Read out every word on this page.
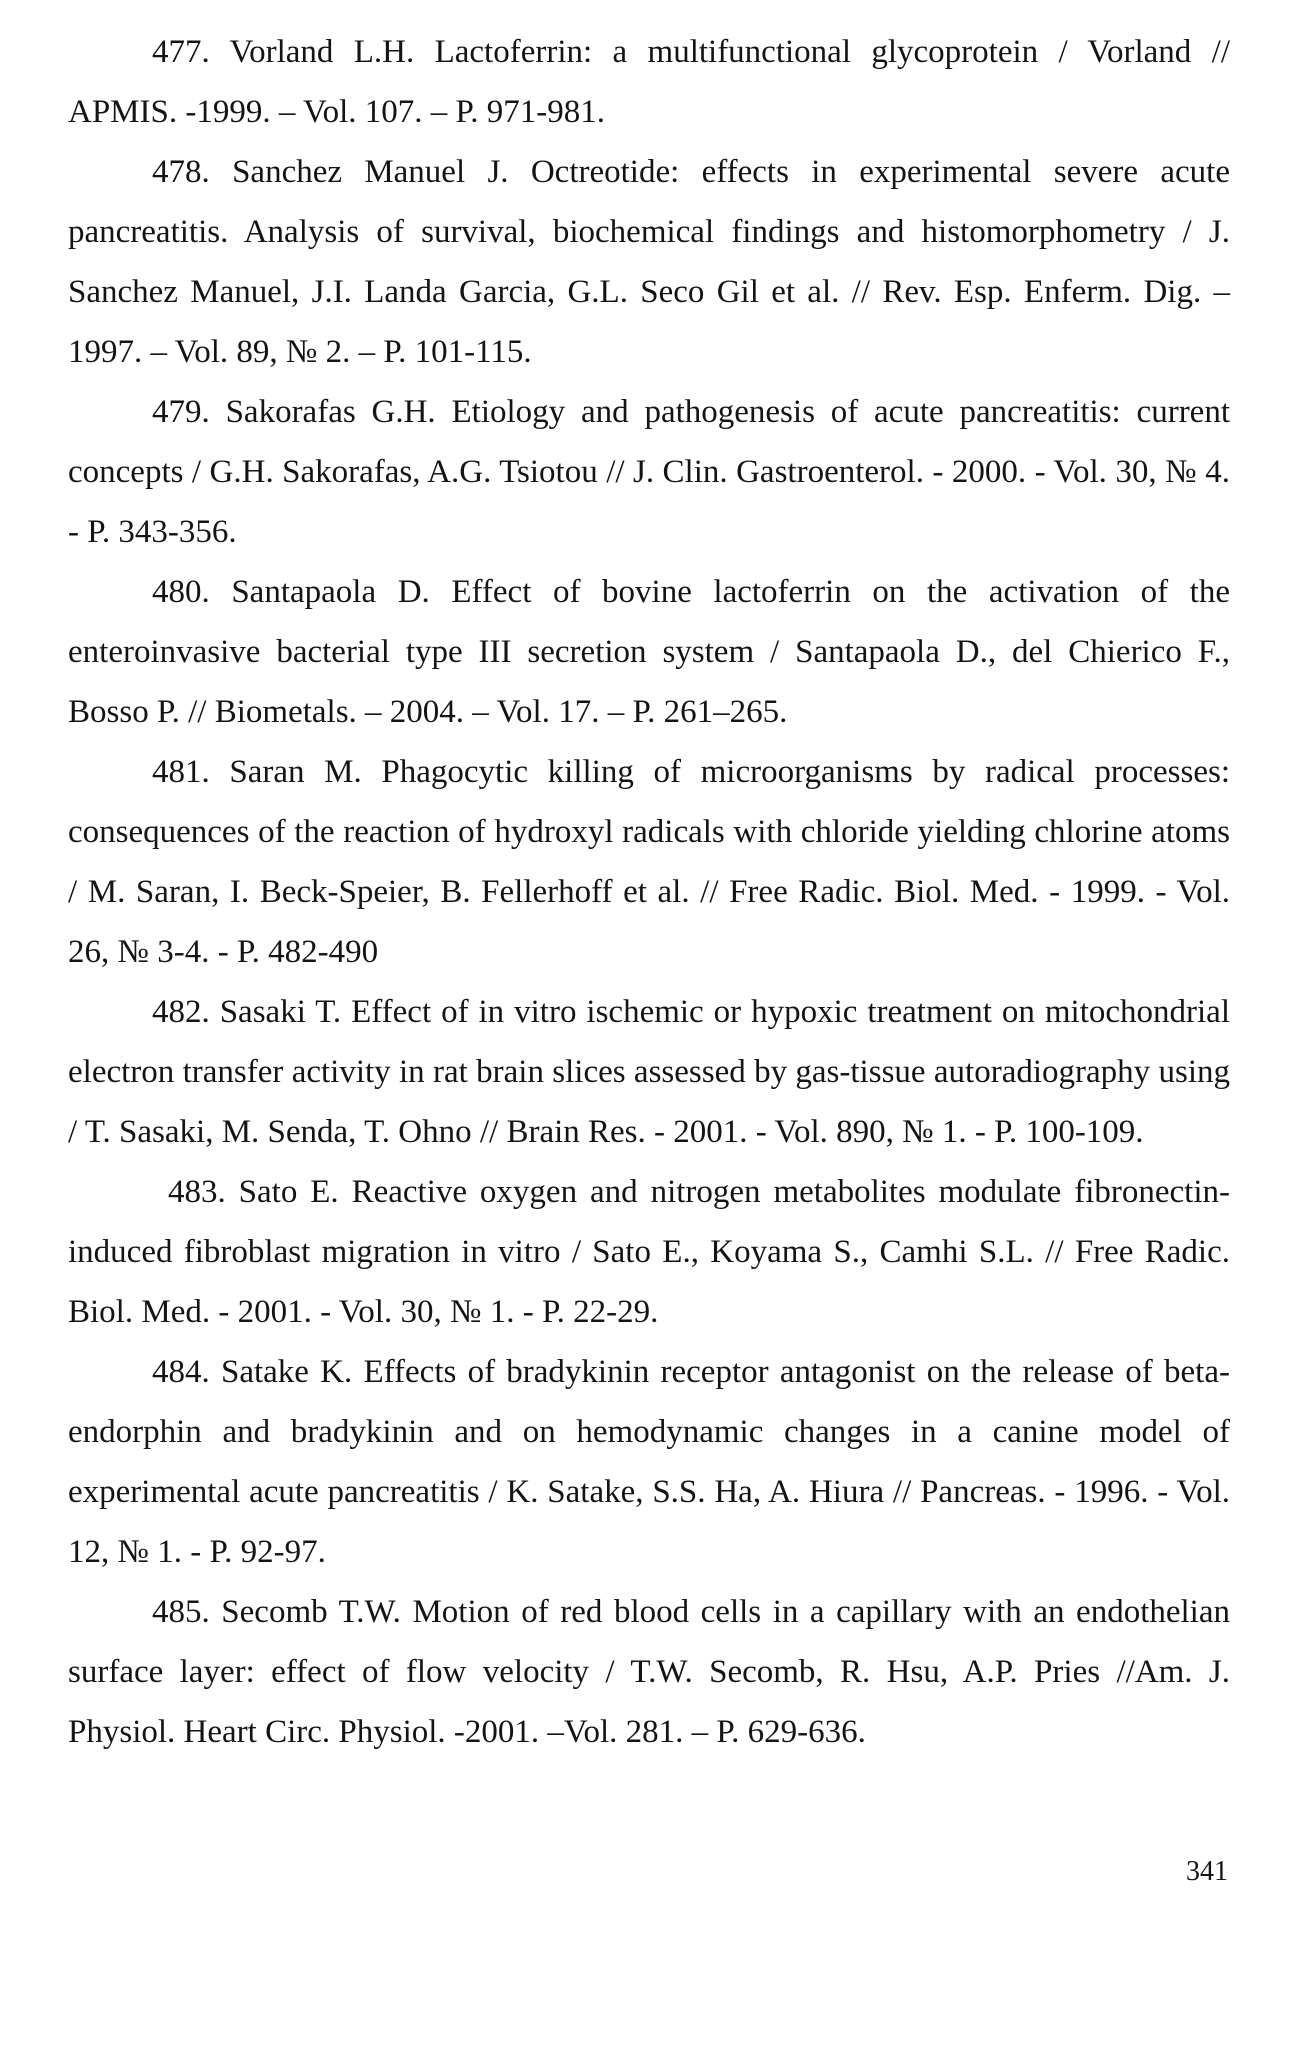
477. Vorland L.H. Lactoferrin: a multifunctional glycoprotein / Vorland // APMIS. -1999. – Vol. 107. – P. 971-981.

478. Sanchez Manuel J. Octreotide: effects in experimental severe acute pancreatitis. Analysis of survival, biochemical findings and histomorphometry / J. Sanchez Manuel, J.I. Landa Garcia, G.L. Seco Gil et al. // Rev. Esp. Enferm. Dig. – 1997. – Vol. 89, № 2. – P. 101-115.

479. Sakorafas G.H. Etiology and pathogenesis of acute pancreatitis: current concepts / G.H. Sakorafas, A.G. Tsiotou // J. Clin. Gastroenterol. - 2000. - Vol. 30, № 4. - P. 343-356.

480. Santapaola D. Effect of bovine lactoferrin on the activation of the enteroinvasive bacterial type III secretion system / Santapaola D., del Chierico F., Bosso P. // Biometals. – 2004. – Vol. 17. – P. 261–265.

481. Saran M. Phagocytic killing of microorganisms by radical processes: consequences of the reaction of hydroxyl radicals with chloride yielding chlorine atoms / M. Saran, I. Beck-Speier, B. Fellerhoff et al. // Free Radic. Biol. Med. - 1999. - Vol. 26, № 3-4. - P. 482-490

482. Sasaki T. Effect of in vitro ischemic or hypoxic treatment on mitochondrial electron transfer activity in rat brain slices assessed by gas-tissue autoradiography using / T. Sasaki, M. Senda, T. Ohno // Brain Res. - 2001. - Vol. 890, № 1. - P. 100-109.

483. Sato E. Reactive oxygen and nitrogen metabolites modulate fibronectin-induced fibroblast migration in vitro / Sato E., Koyama S., Camhi S.L. // Free Radic. Biol. Med. - 2001. - Vol. 30, № 1. - P. 22-29.

484. Satake K. Effects of bradykinin receptor antagonist on the release of beta-endorphin and bradykinin and on hemodynamic changes in a canine model of experimental acute pancreatitis / K. Satake, S.S. Ha, A. Hiura // Pancreas. - 1996. - Vol. 12, № 1. - P. 92-97.

485. Secomb T.W. Motion of red blood cells in a capillary with an endothelian surface layer: effect of flow velocity / T.W. Secomb, R. Hsu, A.P. Pries //Am. J. Physiol. Heart Circ. Physiol. -2001. –Vol. 281. – P. 629-636.

341
